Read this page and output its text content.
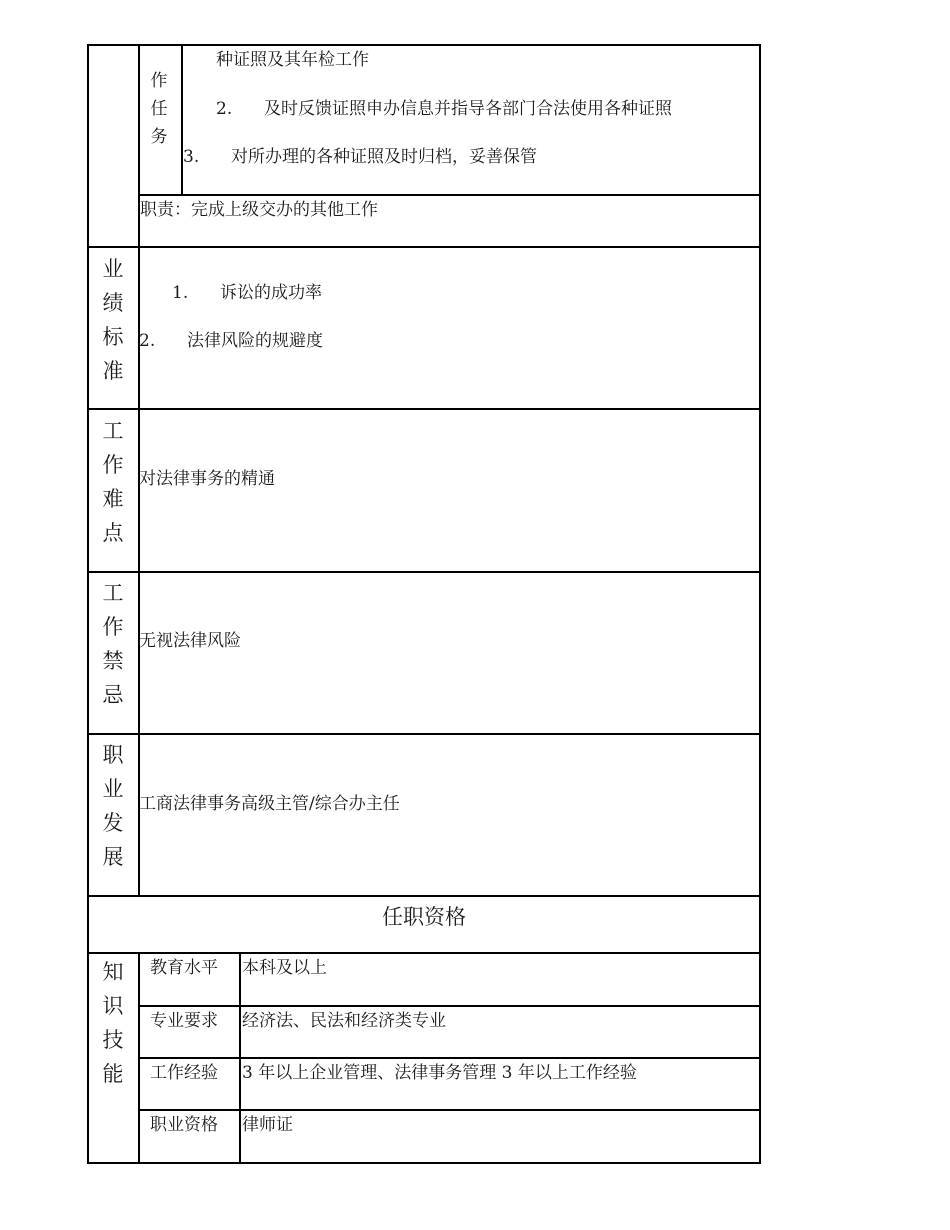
作
任
务
种证照及其年检工作
2. 及时反馈证照申办信息并指导各部门合法使用各种证照
3. 对所办理的各种证照及时归档，妥善保管
职责：完成上级交办的其他工作
业
绩
标
准
1. 诉讼的成功率
2. 法律风险的规避度
工
作
难
点
对法律事务的精通
工
作
禁
忌
无视法律风险
职
业
发
展
工商法律事务高级主管/综合办主任
任职资格
知
识
技
能
教育水平 本科及以上
专业要求 经济法、民法和经济类专业
工作经验 3 年以上企业管理、法律事务管理 3 年以上工作经验
职业资格 律师证
